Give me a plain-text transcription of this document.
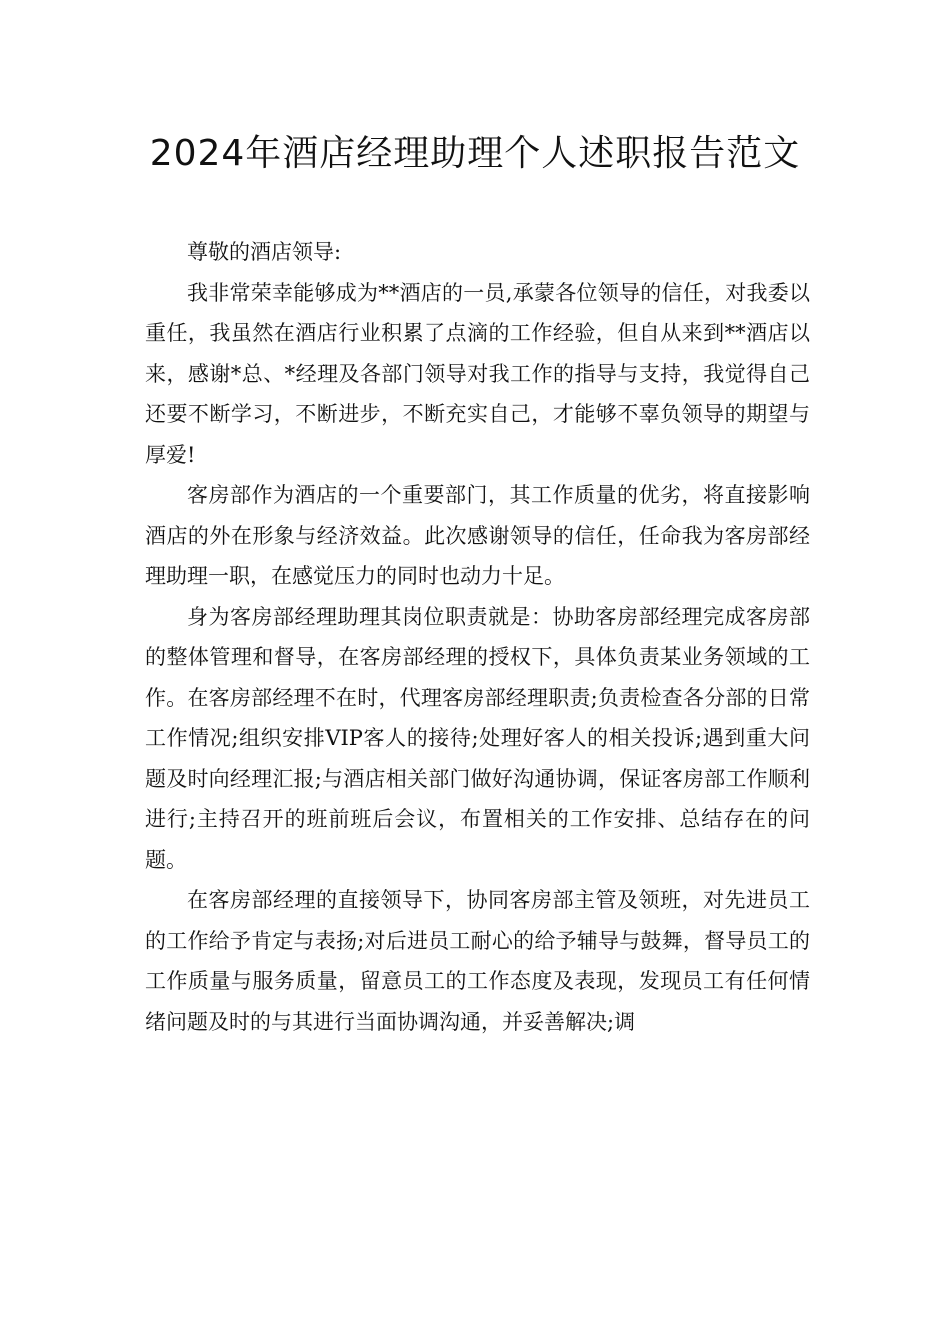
2024年酒店经理助理个人述职报告范文

尊敬的酒店领导:

我非常荣幸能够成为**酒店的一员,承蒙各位领导的信任，对我委以重任，我虽然在酒店行业积累了点滴的工作经验，但自从来到**酒店以来，感谢*总、*经理及各部门领导对我工作的指导与支持，我觉得自己还要不断学习，不断进步，不断充实自己，才能够不辜负领导的期望与厚爱!

客房部作为酒店的一个重要部门，其工作质量的优劣，将直接影响酒店的外在形象与经济效益。此次感谢领导的信任，任命我为客房部经理助理一职，在感觉压力的同时也动力十足。

身为客房部经理助理其岗位职责就是：协助客房部经理完成客房部的整体管理和督导，在客房部经理的授权下，具体负责某业务领域的工作。在客房部经理不在时，代理客房部经理职责;负责检查各分部的日常工作情况;组织安排VIP客人的接待;处理好客人的相关投诉;遇到重大问题及时向经理汇报;与酒店相关部门做好沟通协调，保证客房部工作顺利进行;主持召开的班前班后会议，布置相关的工作安排、总结存在的问题。

在客房部经理的直接领导下，协同客房部主管及领班，对先进员工的工作给予肯定与表扬;对后进员工耐心的给予辅导与鼓舞，督导员工的工作质量与服务质量，留意员工的工作态度及表现，发现员工有任何情绪问题及时的与其进行当面协调沟通，并妥善解决;调
